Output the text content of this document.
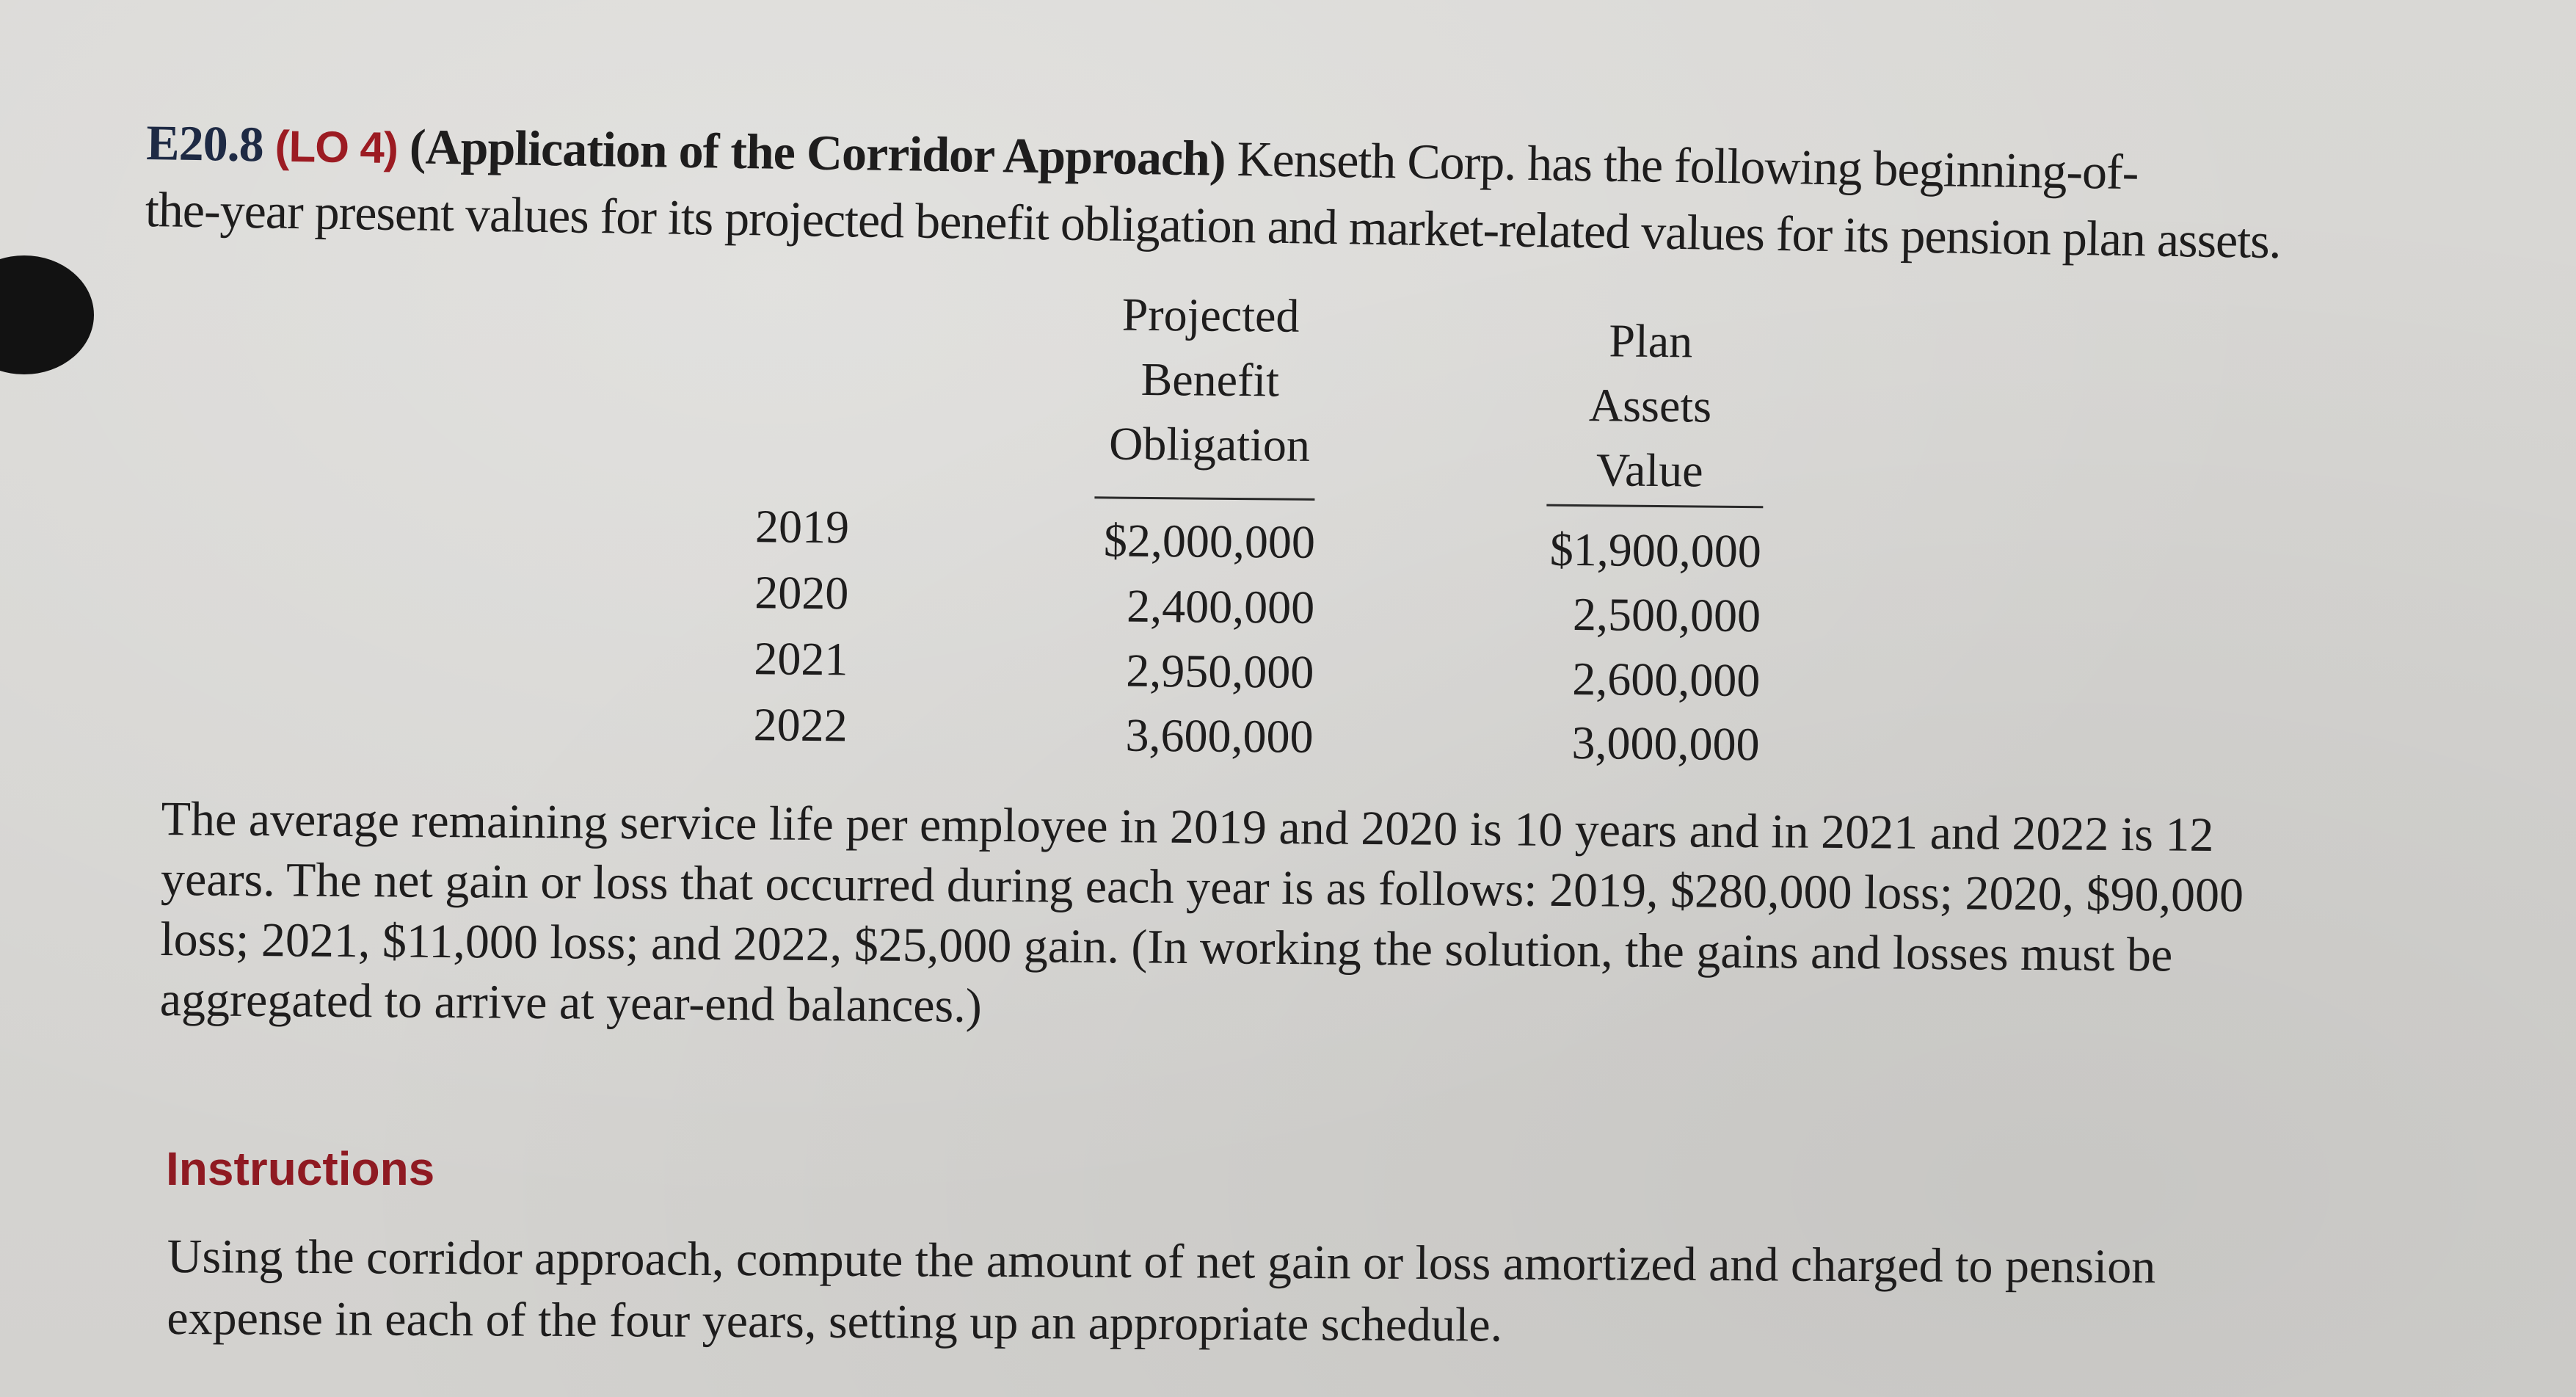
E20.8 (LO 4) (Application of the Corridor Approach) Kenseth Corp. has the following beginning-of-
the-year present values for its projected benefit obligation and market-related values for its pension plan assets.
Projected
Benefit
Obligation
Plan
Assets
Value
2019	$2,000,000	$1,900,000
2020	2,400,000	2,500,000
2021	2,950,000	2,600,000
2022	3,600,000	3,000,000
The average remaining service life per employee in 2019 and 2020 is 10 years and in 2021 and 2022 is 12
years. The net gain or loss that occurred during each year is as follows: 2019, $280,000 loss; 2020, $90,000
loss; 2021, $11,000 loss; and 2022, $25,000 gain. (In working the solution, the gains and losses must be
aggregated to arrive at year-end balances.)
Instructions
Using the corridor approach, compute the amount of net gain or loss amortized and charged to pension
expense in each of the four years, setting up an appropriate schedule.
